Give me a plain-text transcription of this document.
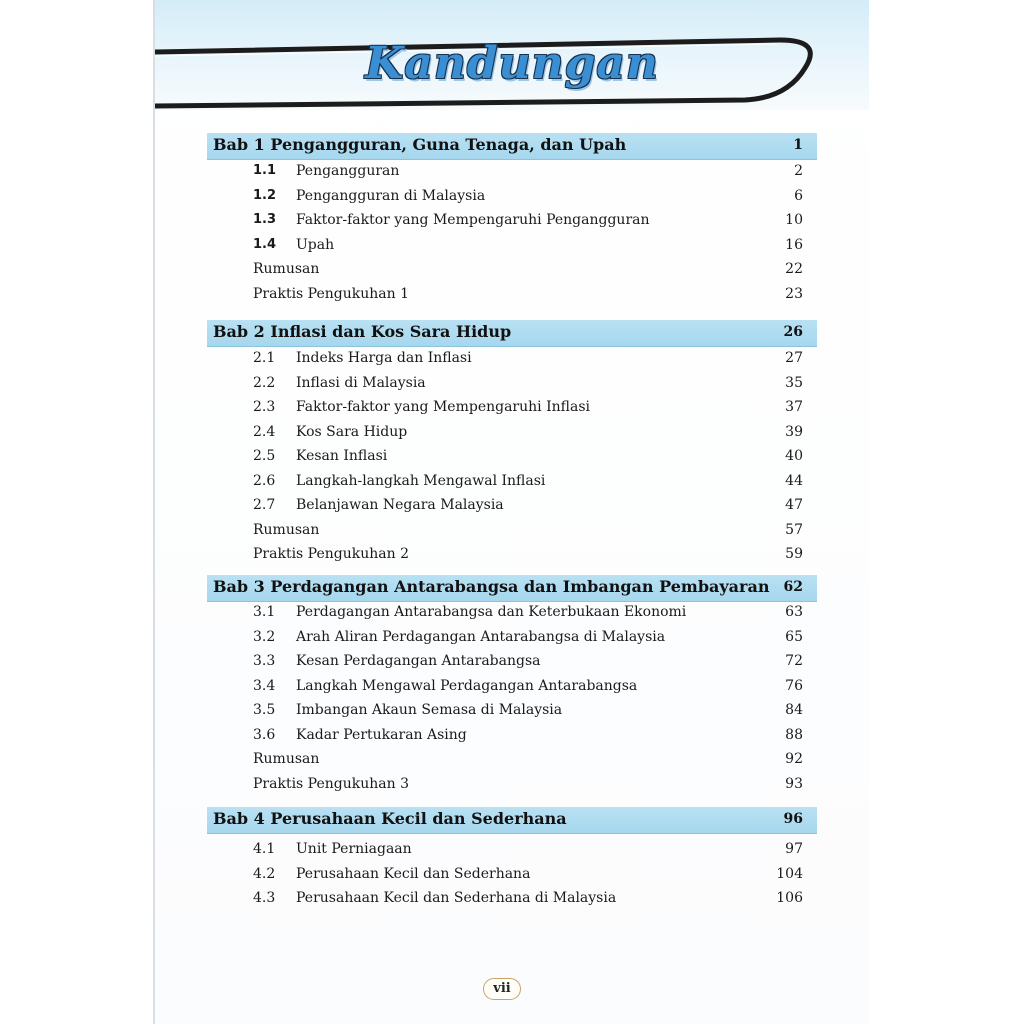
Kandungan
Bab 1 Pengangguran, Guna Tenaga, dan Upah	1
1.1	Pengangguran	2
1.2	Pengangguran di Malaysia	6
1.3	Faktor-faktor yang Mempengaruhi Pengangguran	10
1.4	Upah	16
Rumusan	22
Praktis Pengukuhan 1	23
Bab 2 Inflasi dan Kos Sara Hidup	26
2.1	Indeks Harga dan Inflasi	27
2.2	Inflasi di Malaysia	35
2.3	Faktor-faktor yang Mempengaruhi Inflasi	37
2.4	Kos Sara Hidup	39
2.5	Kesan Inflasi	40
2.6	Langkah-langkah Mengawal Inflasi	44
2.7	Belanjawan Negara Malaysia	47
Rumusan	57
Praktis Pengukuhan 2	59
Bab 3 Perdagangan Antarabangsa dan Imbangan Pembayaran 62
3.1	Perdagangan Antarabangsa dan Keterbukaan Ekonomi	63
3.2	Arah Aliran Perdagangan Antarabangsa di Malaysia	65
3.3	Kesan Perdagangan Antarabangsa	72
3.4	Langkah Mengawal Perdagangan Antarabangsa	76
3.5	Imbangan Akaun Semasa di Malaysia	84
3.6	Kadar Pertukaran Asing	88
Rumusan	92
Praktis Pengukuhan 3	93
Bab 4 Perusahaan Kecil dan Sederhana	96
4.1	Unit Perniagaan	97
4.2	Perusahaan Kecil dan Sederhana	104
4.3	Perusahaan Kecil dan Sederhana di Malaysia	106
vii
